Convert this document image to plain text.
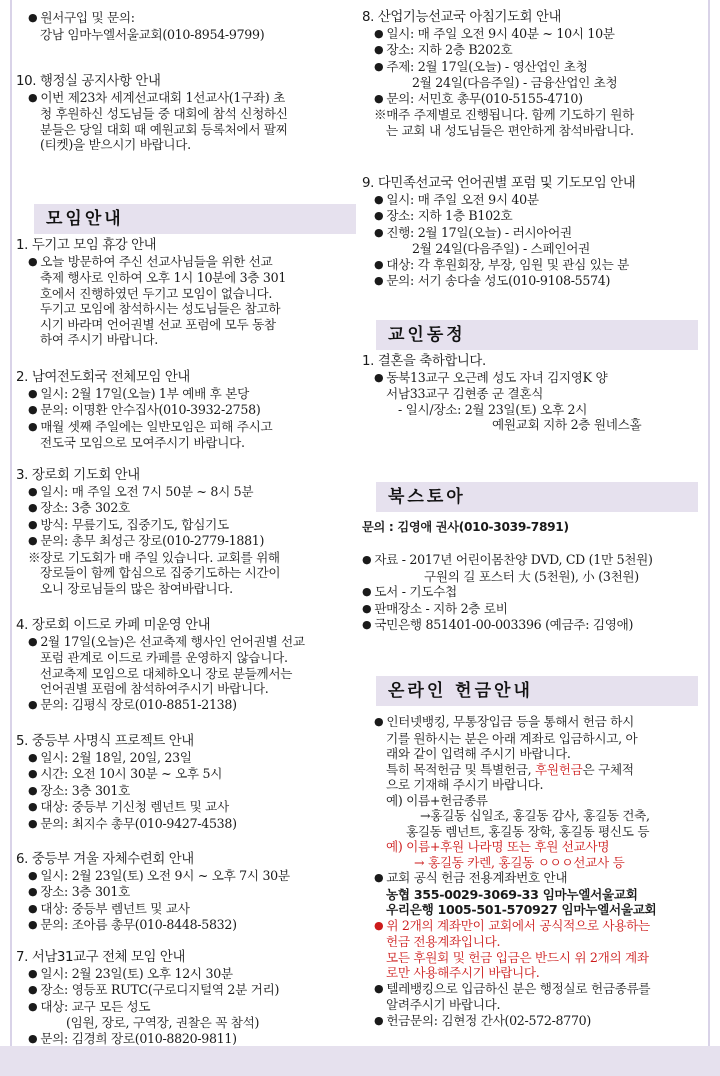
● 원서구입 및 문의:
강남 임마누엘서울교회(010-8954-9799)
10. 행정실 공지사항 안내
● 이번 제23차 세계선교대회 1선교사(1구좌) 초
청 후원하신 성도님들 중 대회에 참석 신청하신
분들은 당일 대회 때 예원교회 등록처에서 팔찌
(티켓)을 받으시기 바랍니다.
모임안내
1. 두기고 모임 휴강 안내
● 오늘 방문하여 주신 선교사님들을 위한 선교
축제 행사로 인하여 오후 1시 10분에 3층 301
호에서 진행하였던 두기고 모임이 없습니다.
두기고 모임에 참석하시는 성도님들은 참고하
시기 바라며 언어권별 선교 포럼에 모두 동참
하여 주시기 바랍니다.
2. 남여전도회국 전체모임 안내
● 일시: 2월 17일(오늘) 1부 예배 후 본당
● 문의: 이명환 안수집사(010-3932-2758)
● 매월 셋째 주일에는 일반모임은 피해 주시고
전도국 모임으로 모여주시기 바랍니다.
3. 장로회 기도회 안내
● 일시: 매 주일 오전 7시 50분 ~ 8시 5분
● 장소: 3층 302호
● 방식: 무릎기도, 집중기도, 합심기도
● 문의: 총무 최성근 장로(010-2779-1881)
※장로 기도회가 매 주일 있습니다. 교회를 위해
장로들이 함께 합심으로 집중기도하는 시간이
오니 장로님들의 많은 참여바랍니다.
4. 장로회 이드로 카페 미운영 안내
● 2월 17일(오늘)은 선교축제 행사인 언어권별 선교
포럼 관계로 이드로 카페를 운영하지 않습니다.
선교축제 모임으로 대체하오니 장로 분들께서는
언어권별 포럼에 참석하여주시기 바랍니다.
● 문의: 김평식 장로(010-8851-2138)
5. 중등부 사명식 프로젝트 안내
● 일시: 2월 18일, 20일, 23일
● 시간: 오전 10시 30분 ~ 오후 5시
● 장소: 3층 301호
● 대상: 중등부 기신청 렘넌트 및 교사
● 문의: 최지수 총무(010-9427-4538)
6. 중등부 겨울 자체수련회 안내
● 일시: 2월 23일(토) 오전 9시 ~ 오후 7시 30분
● 장소: 3층 301호
● 대상: 중등부 렘넌트 및 교사
● 문의: 조아름 총무(010-8448-5832)
7. 서남31교구 전체 모임 안내
● 일시: 2월 23일(토) 오후 12시 30분
● 장소: 영등포 RUTC(구로디지털역 2분 거리)
● 대상: 교구 모든 성도
(임원, 장로, 구역장, 권찰은 꼭 참석)
● 문의: 김경희 장로(010-8820-9811)
8. 산업기능선교국 아침기도회 안내
● 일시: 매 주일 오전 9시 40분 ~ 10시 10분
● 장소: 지하 2층 B202호
● 주제: 2월 17일(오늘) - 영산업인 초청
2월 24일(다음주일) - 금융산업인 초청
● 문의: 서민호 총무(010-5155-4710)
※매주 주제별로 진행됩니다. 함께 기도하기 원하
는 교회 내 성도님들은 편안하게 참석바랍니다.
9. 다민족선교국 언어권별 포럼 및 기도모임 안내
● 일시: 매 주일 오전 9시 40분
● 장소: 지하 1층 B102호
● 진행: 2월 17일(오늘) - 러시아어권
2월 24일(다음주일) - 스페인어권
● 대상: 각 후원회장, 부장, 임원 및 관심 있는 분
● 문의: 서기 송다솔 성도(010-9108-5574)
교인동정
1. 결혼을 축하합니다.
● 동북13교구 오근례 성도 자녀 김지영K 양
서남33교구 김현종 군 결혼식
- 일시/장소: 2월 23일(토) 오후 2시
예원교회 지하 2층 원네스홀
북스토아
문의 : 김영애 권사(010-3039-7891)
● 자료 - 2017년 어린이몸찬양 DVD, CD (1만 5천원)
구원의 길 포스터 大 (5천원), 小 (3천원)
● 도서 - 기도수첩
● 판매장소 - 지하 2층 로비
● 국민은행 851401-00-003396 (예금주: 김영애)
온라인 헌금안내
● 인터넷뱅킹, 무통장입금 등을 통해서 헌금 하시
기를 원하시는 분은 아래 계좌로 입금하시고, 아
래와 같이 입력해 주시기 바랍니다.
특히 목적헌금 및 특별헌금, 후원헌금은 구체적
으로 기재해 주시기 바랍니다.
예) 이름+헌금종류
→홍길동 십일조, 홍길동 감사, 홍길동 건축,
홍길동 렘넌트, 홍길동 장학, 홍길동 평신도 등
예) 이름+후원 나라명 또는 후원 선교사명
→ 홍길동 카렌, 홍길동 ㅇㅇㅇ선교사 등
● 교회 공식 헌금 전용계좌번호 안내
농협 355-0029-3069-33 임마누엘서울교회
우리은행 1005-501-570927 임마누엘서울교회
● 위 2개의 계좌만이 교회에서 공식적으로 사용하는
헌금 전용계좌입니다.
모든 후원회 및 헌금 입금은 반드시 위 2개의 계좌
로만 사용해주시기 바랍니다.
● 텔레뱅킹으로 입금하신 분은 행정실로 헌금종류를
알려주시기 바랍니다.
● 헌금문의: 김현정 간사(02-572-8770)
